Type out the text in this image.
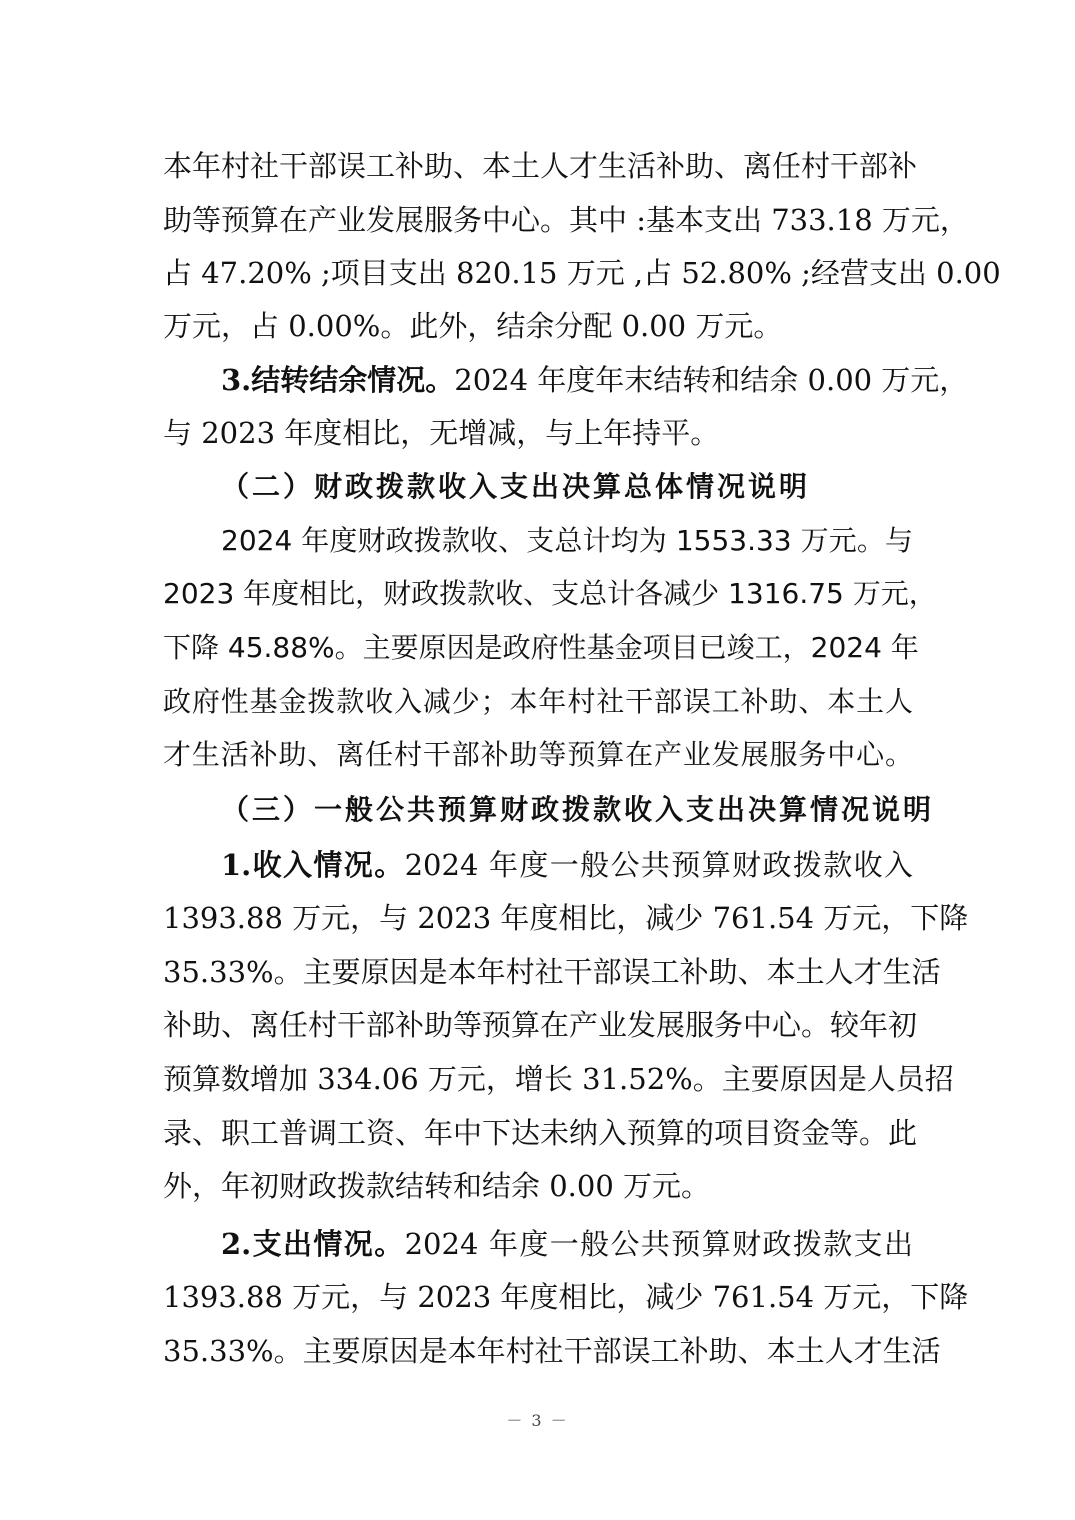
本年村社干部误工补助、本土人才生活补助、离任村干部补
助等预算在产业发展服务中心。其中 :基本支出 733.18 万元，
占 47.20% ;项目支出 820.15 万元 ,占 52.80% ;经营支出 0.00
万元，占 0.00%。此外，结余分配 0.00 万元。
3.结转结余情况。2024 年度年末结转和结余 0.00 万元，
与 2023 年度相比，无增减，与上年持平。
（二）财政拨款收入支出决算总体情况说明
2024 年度财政拨款收、支总计均为 1553.33 万元。与
2023 年度相比，财政拨款收、支总计各减少 1316.75 万元，
下降 45.88%。主要原因是政府性基金项目已竣工，2024 年
政府性基金拨款收入减少；本年村社干部误工补助、本土人
才生活补助、离任村干部补助等预算在产业发展服务中心。
（三）一般公共预算财政拨款收入支出决算情况说明
1.收入情况。2024 年度一般公共预算财政拨款收入
1393.88 万元，与 2023 年度相比，减少 761.54 万元，下降
35.33%。主要原因是本年村社干部误工补助、本土人才生活
补助、离任村干部补助等预算在产业发展服务中心。较年初
预算数增加 334.06 万元，增长 31.52%。主要原因是人员招
录、职工普调工资、年中下达未纳入预算的项目资金等。此
外，年初财政拨款结转和结余 0.00 万元。
2.支出情况。2024 年度一般公共预算财政拨款支出
1393.88 万元，与 2023 年度相比，减少 761.54 万元，下降
35.33%。主要原因是本年村社干部误工补助、本土人才生活
－ 3 －
